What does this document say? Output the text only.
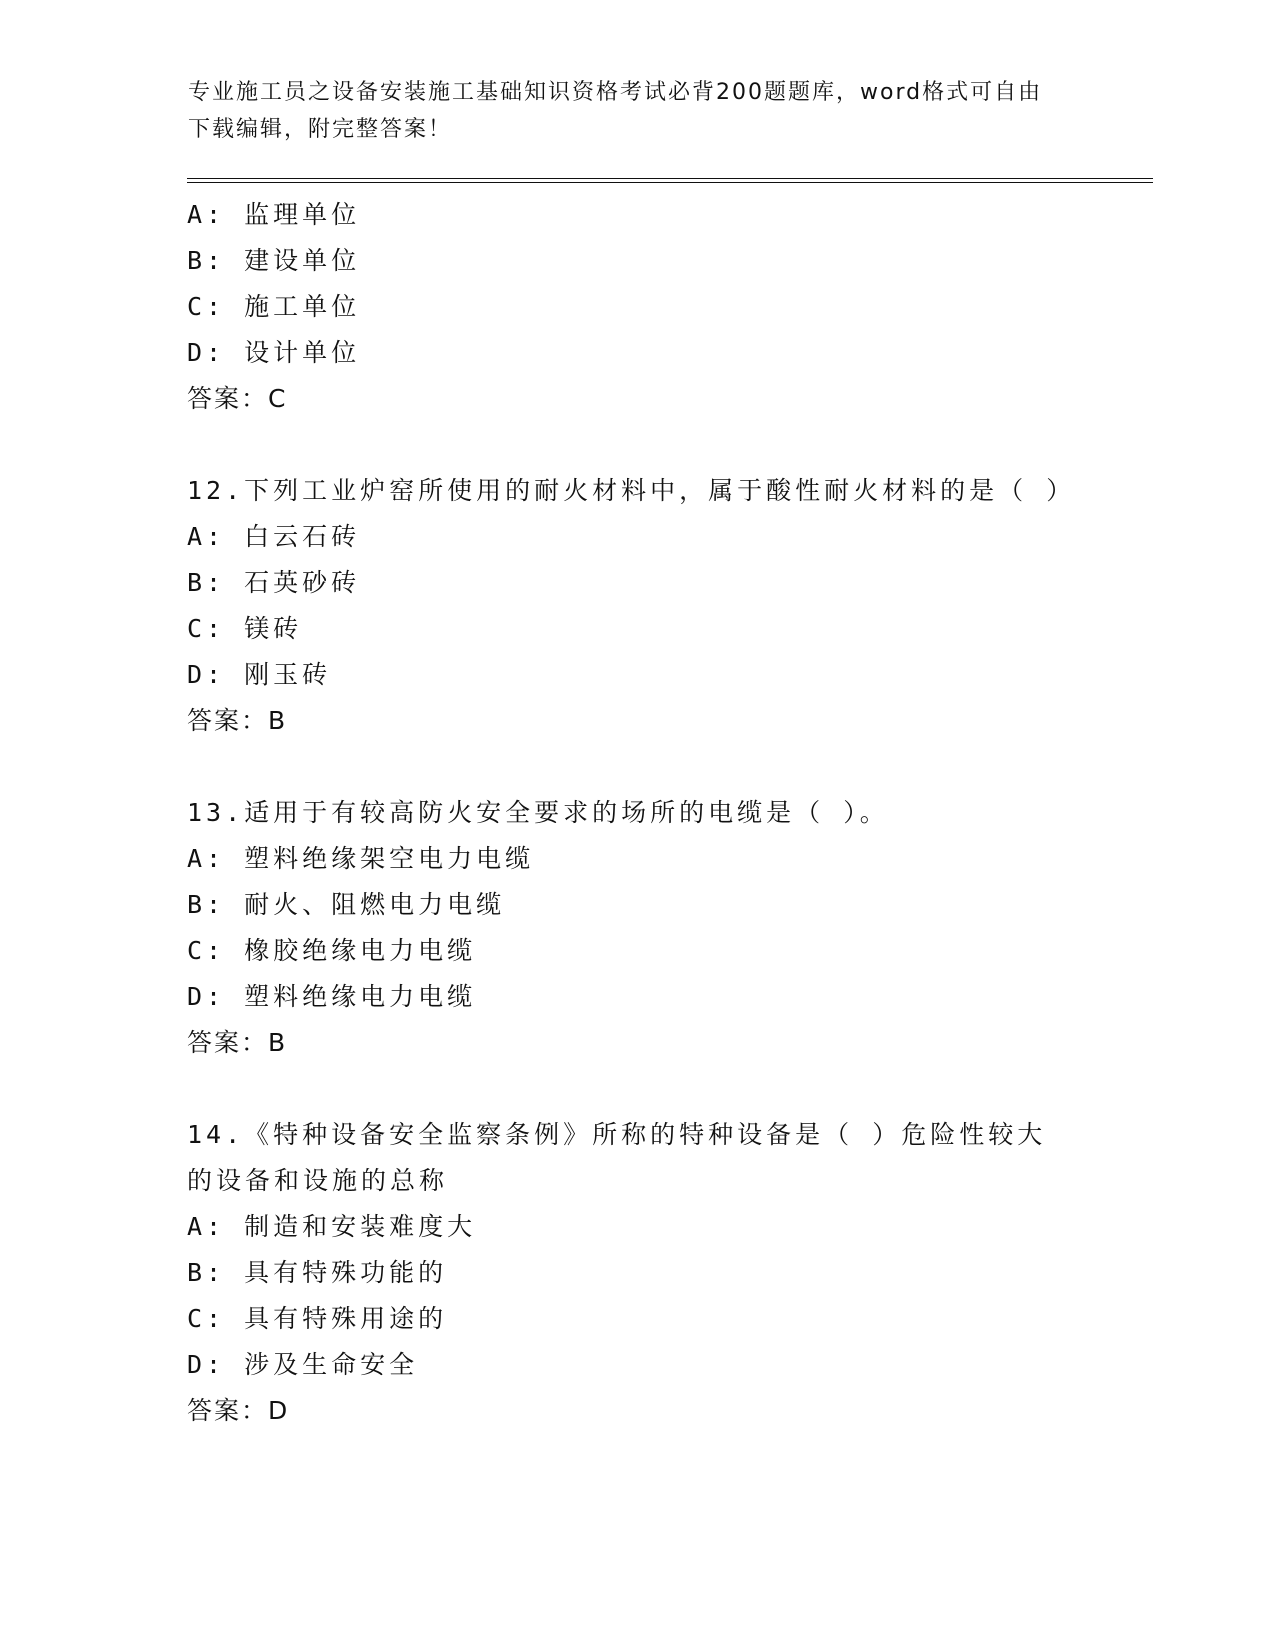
专业施工员之设备安装施工基础知识资格考试必背200题题库，word格式可自由
下载编辑，附完整答案！
A: 监理单位
B: 建设单位
C: 施工单位
D: 设计单位
答案：C
12.下列工业炉窑所使用的耐火材料中，属于酸性耐火材料的是（ ）
A: 白云石砖
B: 石英砂砖
C: 镁砖
D: 刚玉砖
答案：B
13.适用于有较高防火安全要求的场所的电缆是（ ）。
A: 塑料绝缘架空电力电缆
B: 耐火、阻燃电力电缆
C: 橡胶绝缘电力电缆
D: 塑料绝缘电力电缆
答案：B
14.《特种设备安全监察条例》所称的特种设备是（ ）危险性较大的设备和设施的总称
A: 制造和安装难度大
B: 具有特殊功能的
C: 具有特殊用途的
D: 涉及生命安全
答案：D
